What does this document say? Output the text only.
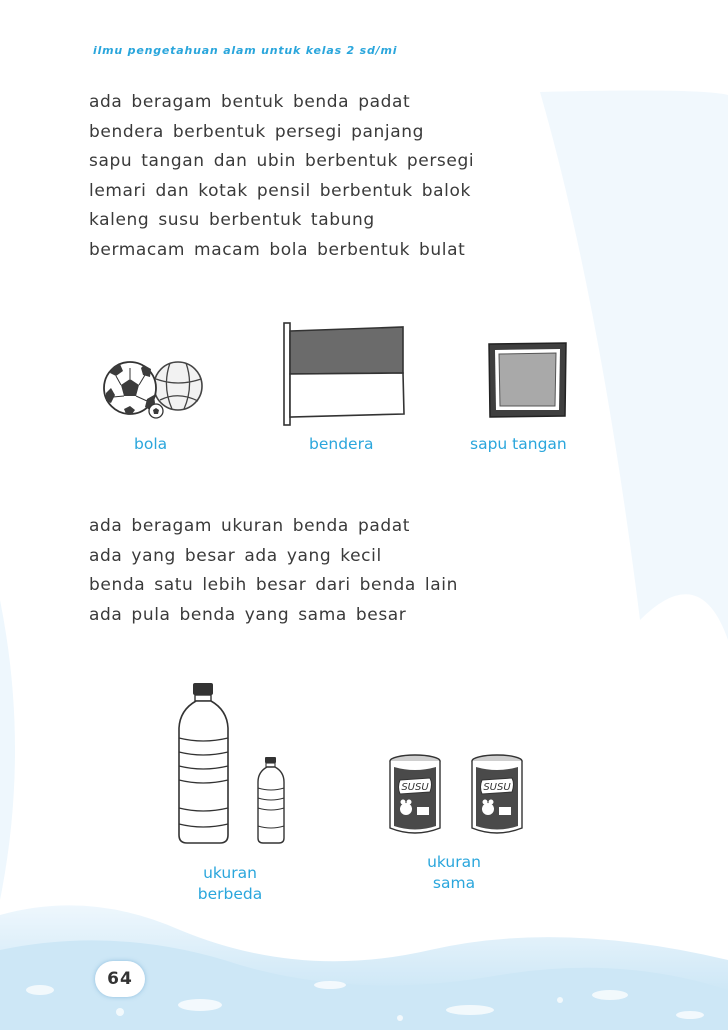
ilmu pengetahuan alam untuk kelas 2 sd/mi
ada beragam bentuk benda padat
bendera berbentuk persegi panjang
sapu tangan dan ubin berbentuk persegi
lemari dan kotak pensil berbentuk balok
kaleng susu berbentuk tabung
bermacam macam bola berbentuk bulat
bola	bendera	sapu tangan
ada beragam ukuran benda padat
ada yang besar ada yang kecil
benda satu lebih besar dari benda lain
ada pula benda yang sama besar
SUSU	SUSU
ukuran
berbeda
ukuran
sama
64
